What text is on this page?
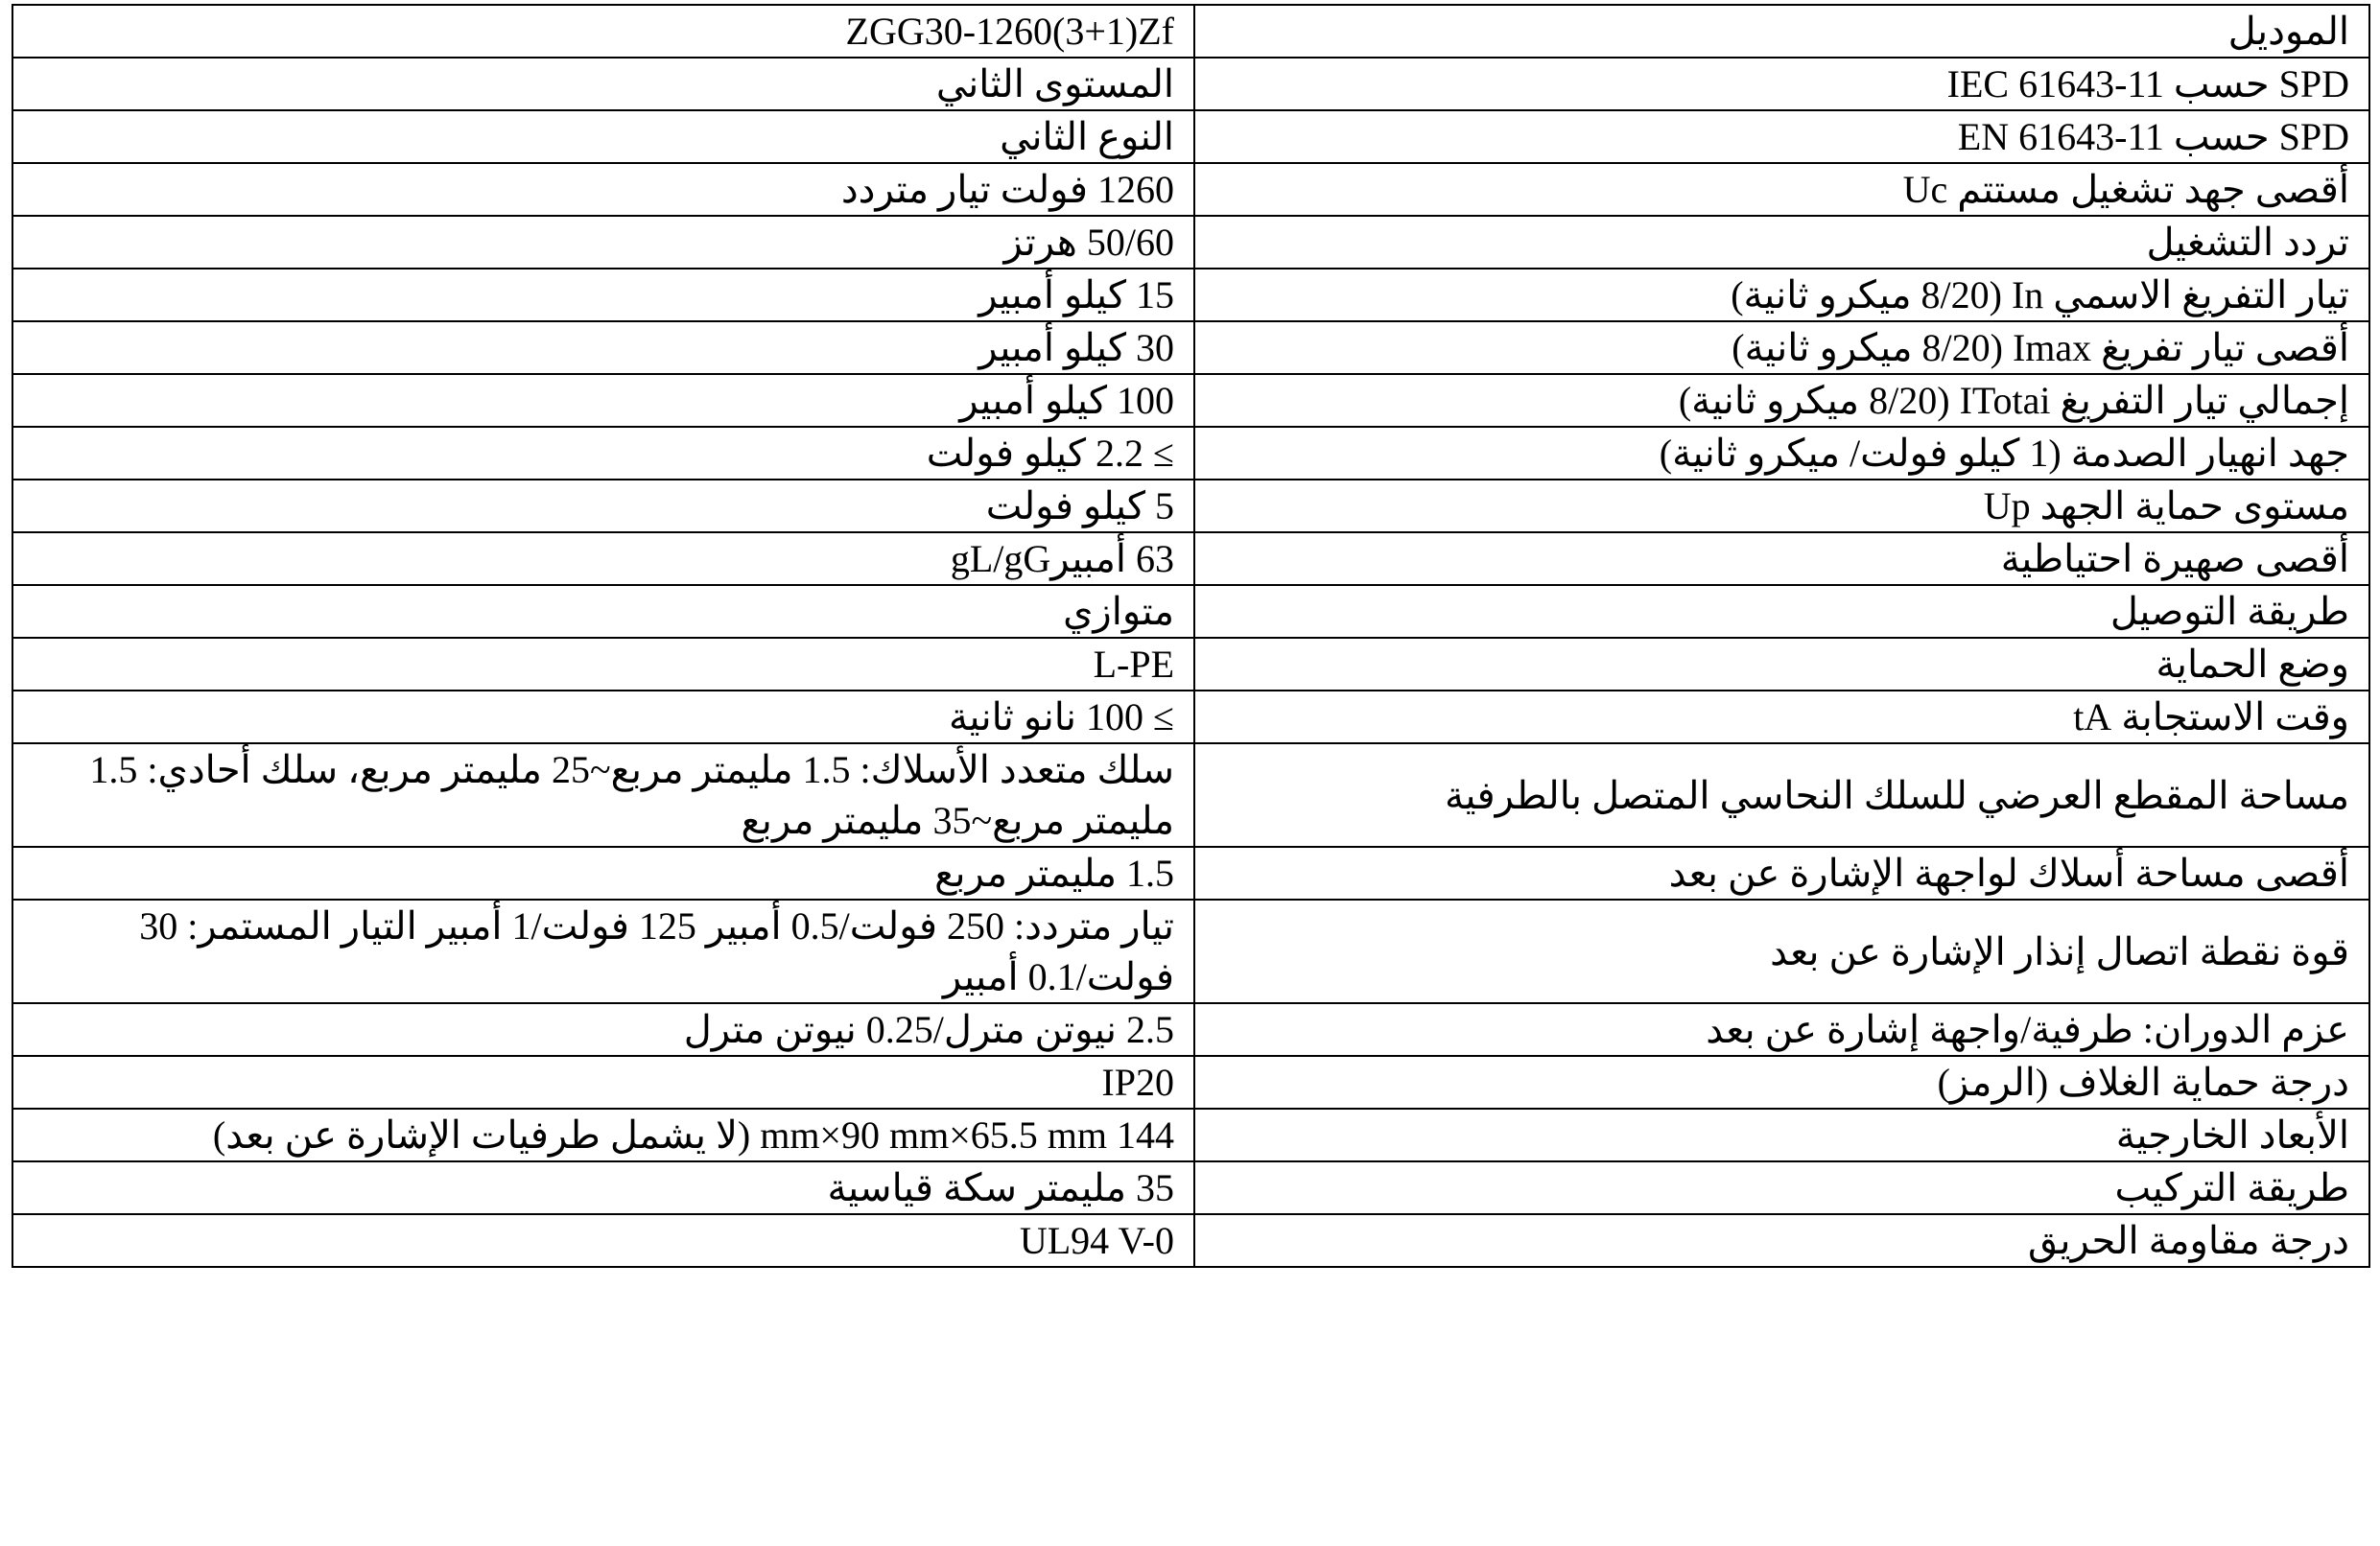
ZGG30-1260(3+1)Zf	الموديل
المستوى الثاني	SPD حسب IEC 61643-11
النوع الثاني	SPD حسب EN 61643-11
1260 فولت تيار متردد	أقصى جهد تشغيل مستتم Uc
50/60 هرتز	تردد التشغيل
15 كيلو أمبير	تيار التفريغ الاسمي In (8/20 ميكرو ثانية)
30 كيلو أمبير	أقصى تيار تفريغ Imax (8/20 ميكرو ثانية)
100 كيلو أمبير	إجمالي تيار التفريغ ITotai (8/20 ميكرو ثانية)
≥ 2.2 كيلو فولت	جهد انهيار الصدمة (1 كيلو فولت/ ميكرو ثانية)
5 كيلو فولت	مستوى حماية الجهد Up
63 أمبيرgL/gG	أقصى صهيرة احتياطية
متوازي	طريقة التوصيل
L-PE	وضع الحماية
≥ 100 نانو ثانية	وقت الاستجابة tA
سلك متعدد الأسلاك: 1.5 مليمتر مربع~25 مليمتر مربع، سلك أحادي: 1.5 مليمتر مربع~35 مليمتر مربع	مساحة المقطع العرضي للسلك النحاسي المتصل بالطرفية
1.5 مليمتر مربع	أقصى مساحة أسلاك لواجهة الإشارة عن بعد
تيار متردد: 250 فولت/0.5 أمبير 125 فولت/1 أمبير التيار المستمر: 30 فولت/0.1 أمبير	قوة نقطة اتصال إنذار الإشارة عن بعد
2.5 نيوتن مترل/0.25 نيوتن مترل	عزم الدوران: طرفية/واجهة إشارة عن بعد
IP20	درجة حماية الغلاف (الرمز)
144 mm×90 mm×65.5 mm (لا يشمل طرفيات الإشارة عن بعد)	الأبعاد الخارجية
35 مليمتر سكة قياسية	طريقة التركيب
UL94 V-0	درجة مقاومة الحريق
